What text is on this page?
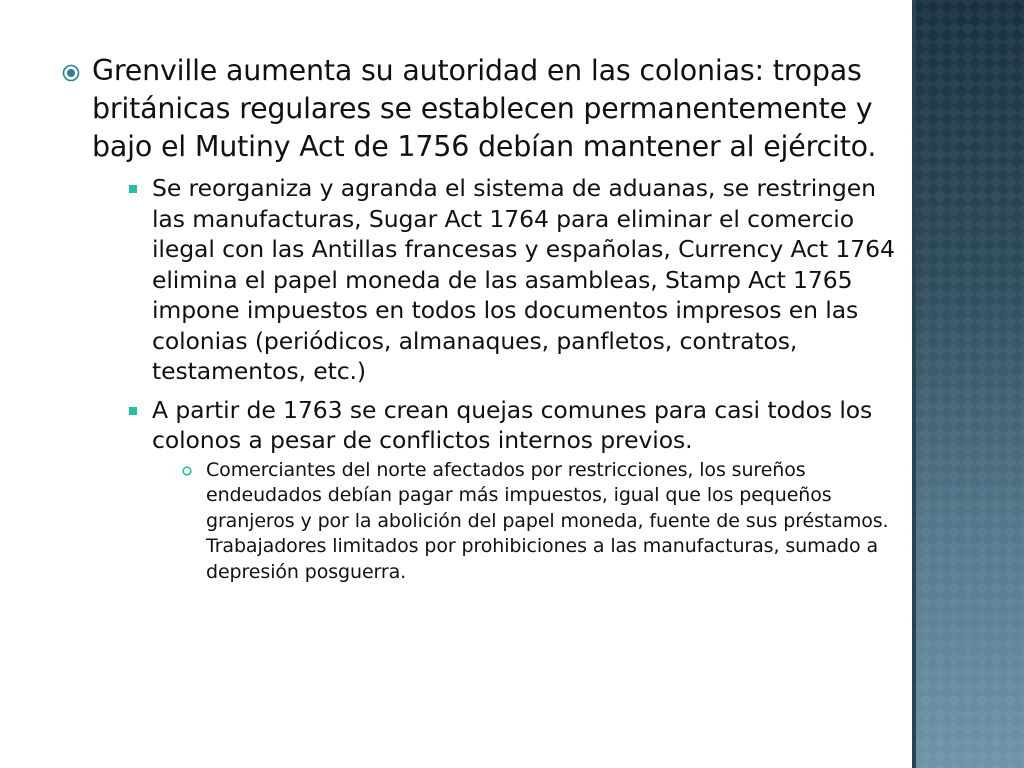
Grenville aumenta su autoridad en las colonias: tropas británicas regulares se establecen permanentemente y bajo el Mutiny Act de 1756 debían mantener al ejército.
Se reorganiza y agranda el sistema de aduanas, se restringen las manufacturas, Sugar Act 1764 para eliminar el comercio ilegal con las Antillas francesas y españolas, Currency Act 1764 elimina el papel moneda de las asambleas, Stamp Act 1765 impone impuestos en todos los documentos impresos en las colonias (periódicos, almanaques, panfletos, contratos, testamentos, etc.)
A partir de 1763 se crean quejas comunes para casi todos los colonos a pesar de conflictos internos previos.
Comerciantes del norte afectados por restricciones, los sureños endeudados debían pagar más impuestos, igual que los pequeños granjeros y por la abolición del papel moneda, fuente de sus préstamos. Trabajadores limitados por prohibiciones a las manufacturas, sumado a depresión posguerra.
